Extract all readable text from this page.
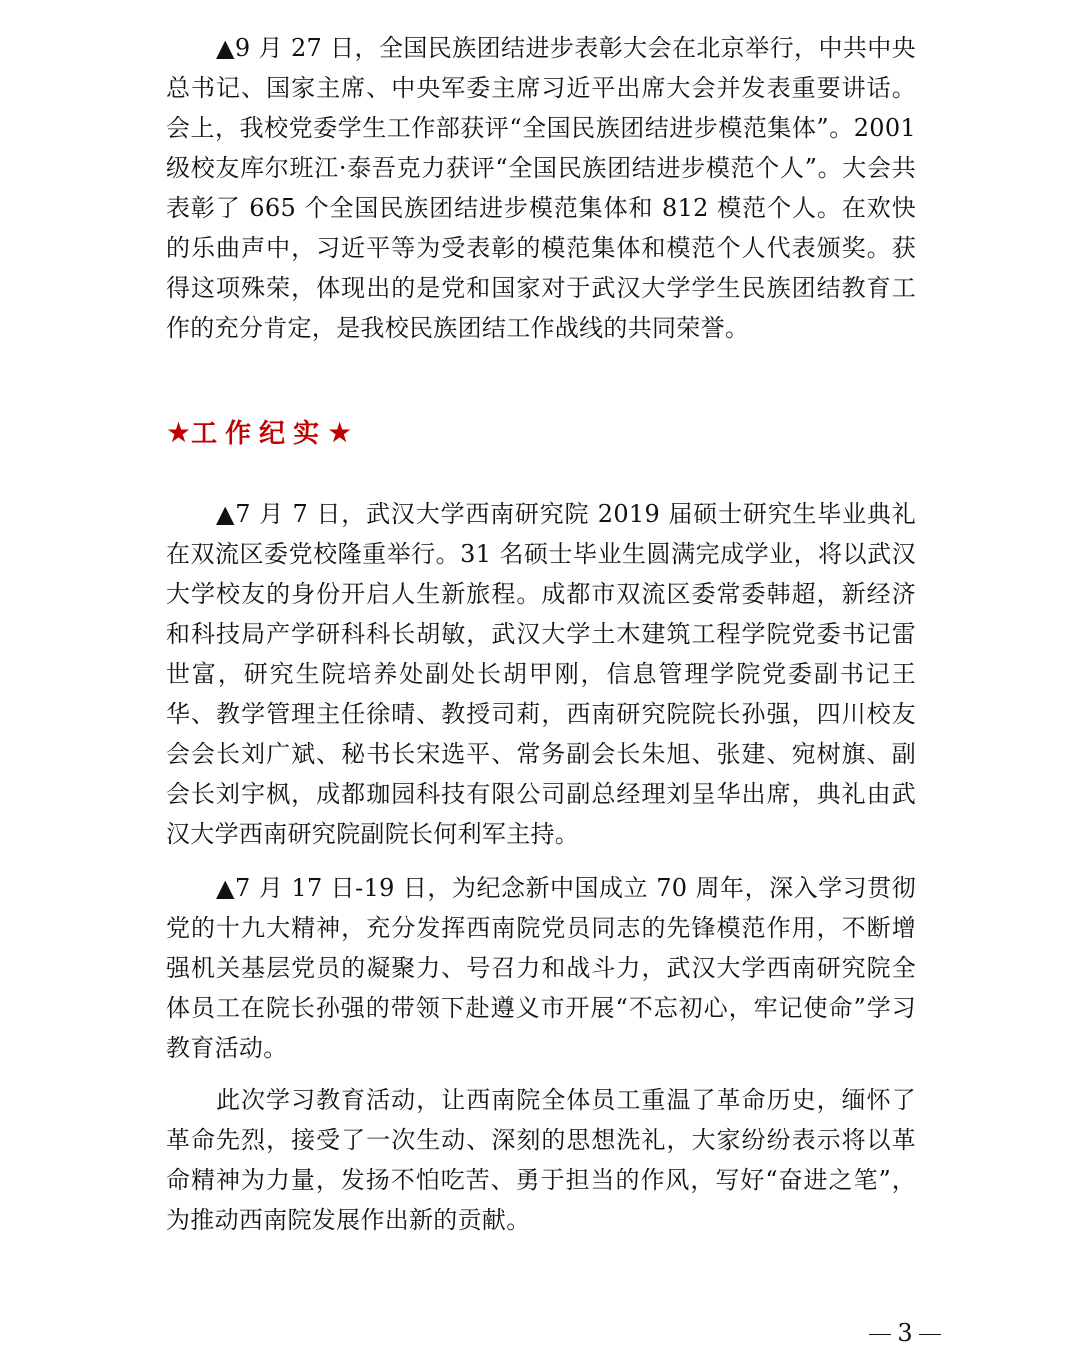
▲9 月 27 日，全国民族团结进步表彰大会在北京举行，中共中央总书记、国家主席、中央军委主席习近平出席大会并发表重要讲话。会上，我校党委学生工作部获评“全国民族团结进步模范集体”。2001 级校友库尔班江·泰吾克力获评“全国民族团结进步模范个人”。大会共表彰了 665 个全国民族团结进步模范集体和 812 模范个人。在欢快的乐曲声中，习近平等为受表彰的模范集体和模范个人代表颁奖。获得这项殊荣，体现出的是党和国家对于武汉大学学生民族团结教育工作的充分肯定，是我校民族团结工作战线的共同荣誉。

★工作纪实★

▲7 月 7 日，武汉大学西南研究院 2019 届硕士研究生毕业典礼在双流区委党校隆重举行。31 名硕士毕业生圆满完成学业，将以武汉大学校友的身份开启人生新旅程。成都市双流区委常委韩超，新经济和科技局产学研科科长胡敏，武汉大学土木建筑工程学院党委书记雷世富，研究生院培养处副处长胡甲刚，信息管理学院党委副书记王华、教学管理主任徐晴、教授司莉，西南研究院院长孙强，四川校友会会长刘广斌、秘书长宋选平、常务副会长朱旭、张建、宛树旗、副会长刘宇枫，成都珈园科技有限公司副总经理刘呈华出席，典礼由武汉大学西南研究院副院长何利军主持。

▲7 月 17 日-19 日，为纪念新中国成立 70 周年，深入学习贯彻党的十九大精神，充分发挥西南院党员同志的先锋模范作用，不断增强机关基层党员的凝聚力、号召力和战斗力，武汉大学西南研究院全体员工在院长孙强的带领下赴遵义市开展“不忘初心，牢记使命”学习教育活动。

此次学习教育活动，让西南院全体员工重温了革命历史，缅怀了革命先烈，接受了一次生动、深刻的思想洗礼，大家纷纷表示将以革命精神为力量，发扬不怕吃苦、勇于担当的作风，写好“奋进之笔”，为推动西南院发展作出新的贡献。

3
